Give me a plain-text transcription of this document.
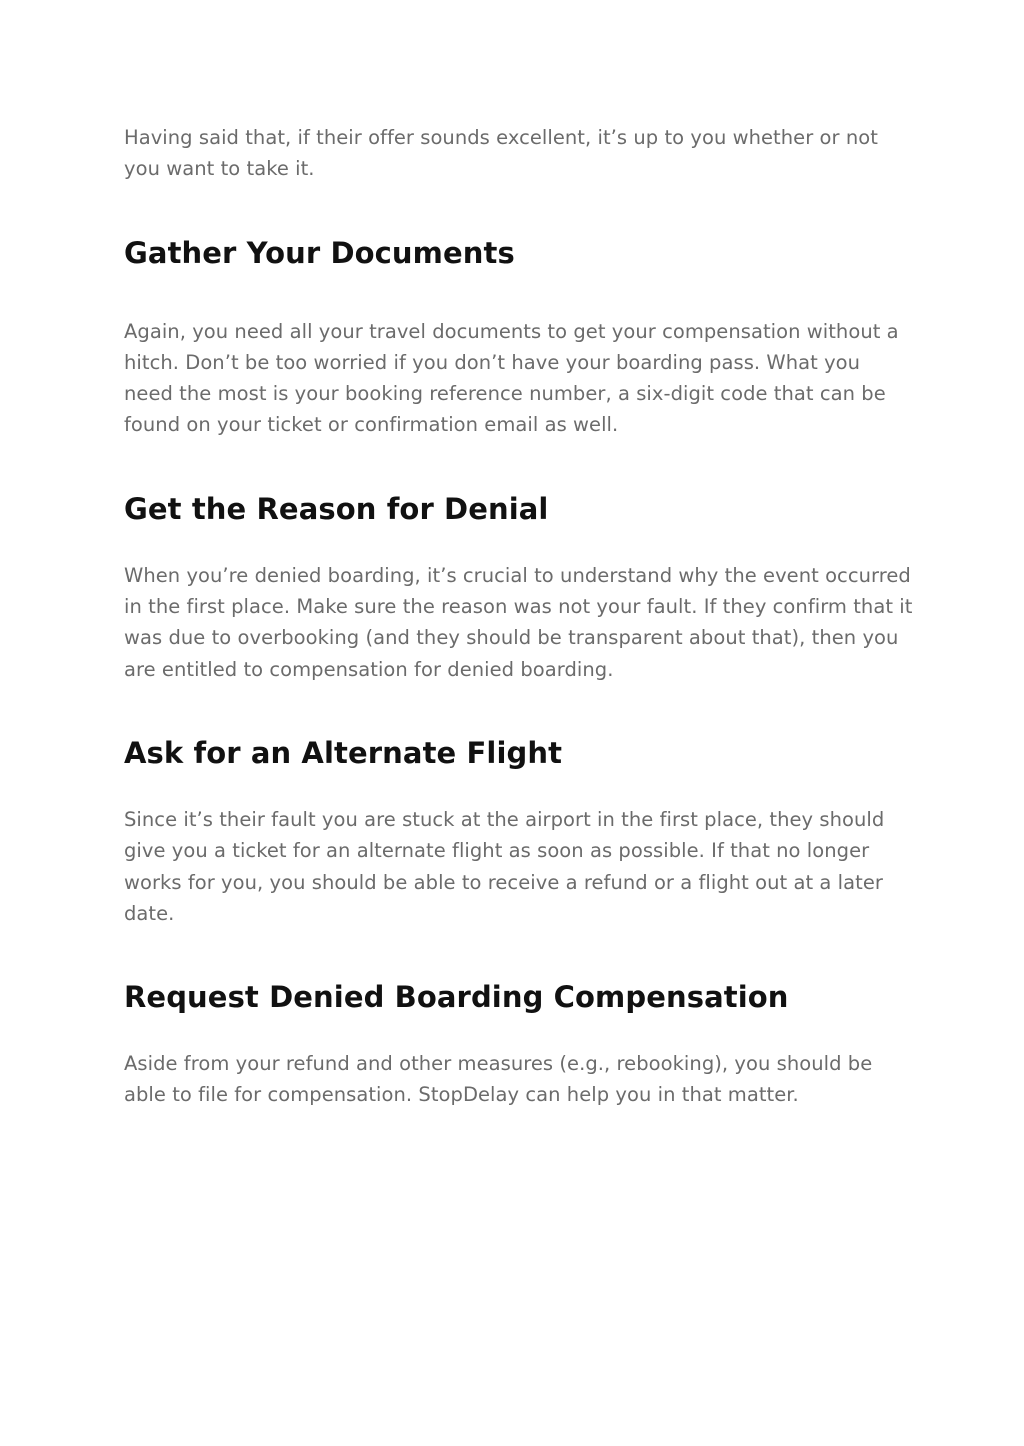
Having said that, if their offer sounds excellent, it’s up to you whether or not you want to take it.

Gather Your Documents

Again, you need all your travel documents to get your compensation without a hitch. Don’t be too worried if you don’t have your boarding pass. What you need the most is your booking reference number, a six-digit code that can be found on your ticket or confirmation email as well.

Get the Reason for Denial

When you’re denied boarding, it’s crucial to understand why the event occurred in the first place. Make sure the reason was not your fault. If they confirm that it was due to overbooking (and they should be transparent about that), then you are entitled to compensation for denied boarding.

Ask for an Alternate Flight

Since it’s their fault you are stuck at the airport in the first place, they should give you a ticket for an alternate flight as soon as possible. If that no longer works for you, you should be able to receive a refund or a flight out at a later date.

Request Denied Boarding Compensation

Aside from your refund and other measures (e.g., rebooking), you should be able to file for compensation. StopDelay can help you in that matter.
